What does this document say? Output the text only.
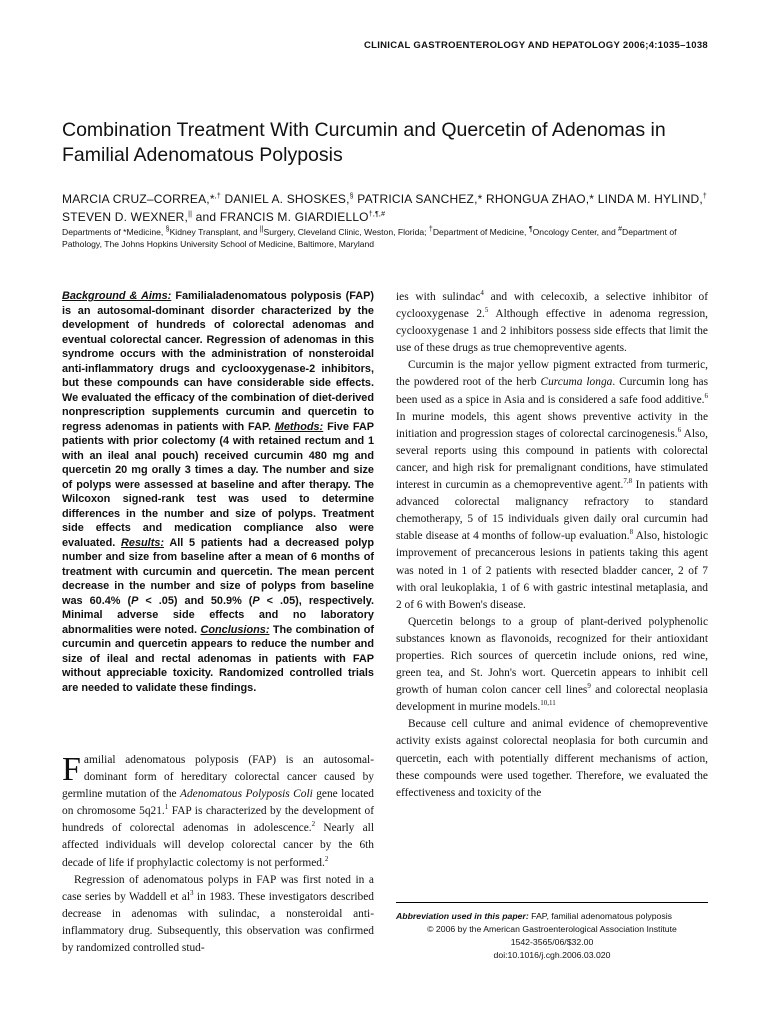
CLINICAL GASTROENTEROLOGY AND HEPATOLOGY 2006;4:1035–1038
Combination Treatment With Curcumin and Quercetin of Adenomas in Familial Adenomatous Polyposis
MARCIA CRUZ–CORREA,*,† DANIEL A. SHOSKES,§ PATRICIA SANCHEZ,* RHONGUA ZHAO,* LINDA M. HYLIND,† STEVEN D. WEXNER,|| and FRANCIS M. GIARDIELLO†,¶,#
Departments of *Medicine, §Kidney Transplant, and ||Surgery, Cleveland Clinic, Weston, Florida; †Department of Medicine, ¶Oncology Center, and #Department of Pathology, The Johns Hopkins University School of Medicine, Baltimore, Maryland
Background & Aims: Familialadenomatous polyposis (FAP) is an autosomal-dominant disorder characterized by the development of hundreds of colorectal adenomas and eventual colorectal cancer. Regression of adenomas in this syndrome occurs with the administration of nonsteroidal anti-inflammatory drugs and cyclooxygenase-2 inhibitors, but these compounds can have considerable side effects. We evaluated the efficacy of the combination of diet-derived nonprescription supplements curcumin and quercetin to regress adenomas in patients with FAP. Methods: Five FAP patients with prior colectomy (4 with retained rectum and 1 with an ileal anal pouch) received curcumin 480 mg and quercetin 20 mg orally 3 times a day. The number and size of polyps were assessed at baseline and after therapy. The Wilcoxon signed-rank test was used to determine differences in the number and size of polyps. Treatment side effects and medication compliance also were evaluated. Results: All 5 patients had a decreased polyp number and size from baseline after a mean of 6 months of treatment with curcumin and quercetin. The mean percent decrease in the number and size of polyps from baseline was 60.4% (P < .05) and 50.9% (P < .05), respectively. Minimal adverse side effects and no laboratory abnormalities were noted. Conclusions: The combination of curcumin and quercetin appears to reduce the number and size of ileal and rectal adenomas in patients with FAP without appreciable toxicity. Randomized controlled trials are needed to validate these findings.

Familial adenomatous polyposis (FAP) is an autosomal-dominant form of hereditary colorectal cancer caused by germline mutation of the Adenomatous Polyposis Coli gene located on chromosome 5q21.$^1$ FAP is characterized by the development of hundreds of colorectal adenomas in adolescence.$^2$ Nearly all affected individuals will develop colorectal cancer by the 6th decade of life if prophylactic colectomy is not performed.$^2$

Regression of adenomatous polyps in FAP was first noted in a case series by Waddell et $al^3$ in 1983. These investigators described decrease in adenomas with sulindac, a nonsteroidal anti-inflammatory drug. Subsequently, this observation was confirmed by randomized controlled stud-

ies with sulindac$^4$ and with celecoxib, a selective inhibitor of cyclooxygenase 2.$^5$ Although effective in adenoma regression, cyclooxygenase 1 and 2 inhibitors possess side effects that limit the use of these drugs as true chemopreventive agents.

Curcumin is the major yellow pigment extracted from turmeric, the powdered root of the herb Curcuma longa. Curcumin long has been used as a spice in Asia and is considered a safe food additive.$^6$ In murine models, this agent shows preventive activity in the initiation and progression stages of colorectal carcinogenesis.$^6$ Also, several reports using this compound in patients with colorectal cancer, and high risk for premalignant conditions, have stimulated interest in curcumin as a chemopreventive agent.$^{7,8}$ In patients with advanced colorectal malignancy refractory to standard chemotherapy, 5 of 15 individuals given daily oral curcumin had stable disease at 4 months of follow-up evaluation.$^8$ Also, histologic improvement of precancerous lesions in patients taking this agent was noted in 1 of 2 patients with resected bladder cancer, 2 of 7 with oral leukoplakia, 1 of 6 with gastric intestinal metaplasia, and 2 of 6 with Bowen's disease.

Quercetin belongs to a group of plant-derived polyphenolic substances known as flavonoids, recognized for their antioxidant properties. Rich sources of quercetin include onions, red wine, green tea, and St. John's wort. Quercetin appears to inhibit cell growth of human colon cancer cell lines$^9$ and colorectal neoplasia development in murine models.$^{10,11}$

Because cell culture and animal evidence of chemopreventive activity exists against colorectal neoplasia for both curcumin and quercetin, each with potentially different mechanisms of action, these compounds were used together. Therefore, we evaluated the effectiveness and toxicity of the

Abbreviation used in this paper: FAP, familial adenomatous polyposis
© 2006 by the American Gastroenterological Association Institute
1542-3565/06/$32.00
doi:10.1016/j.cgh.2006.03.020
